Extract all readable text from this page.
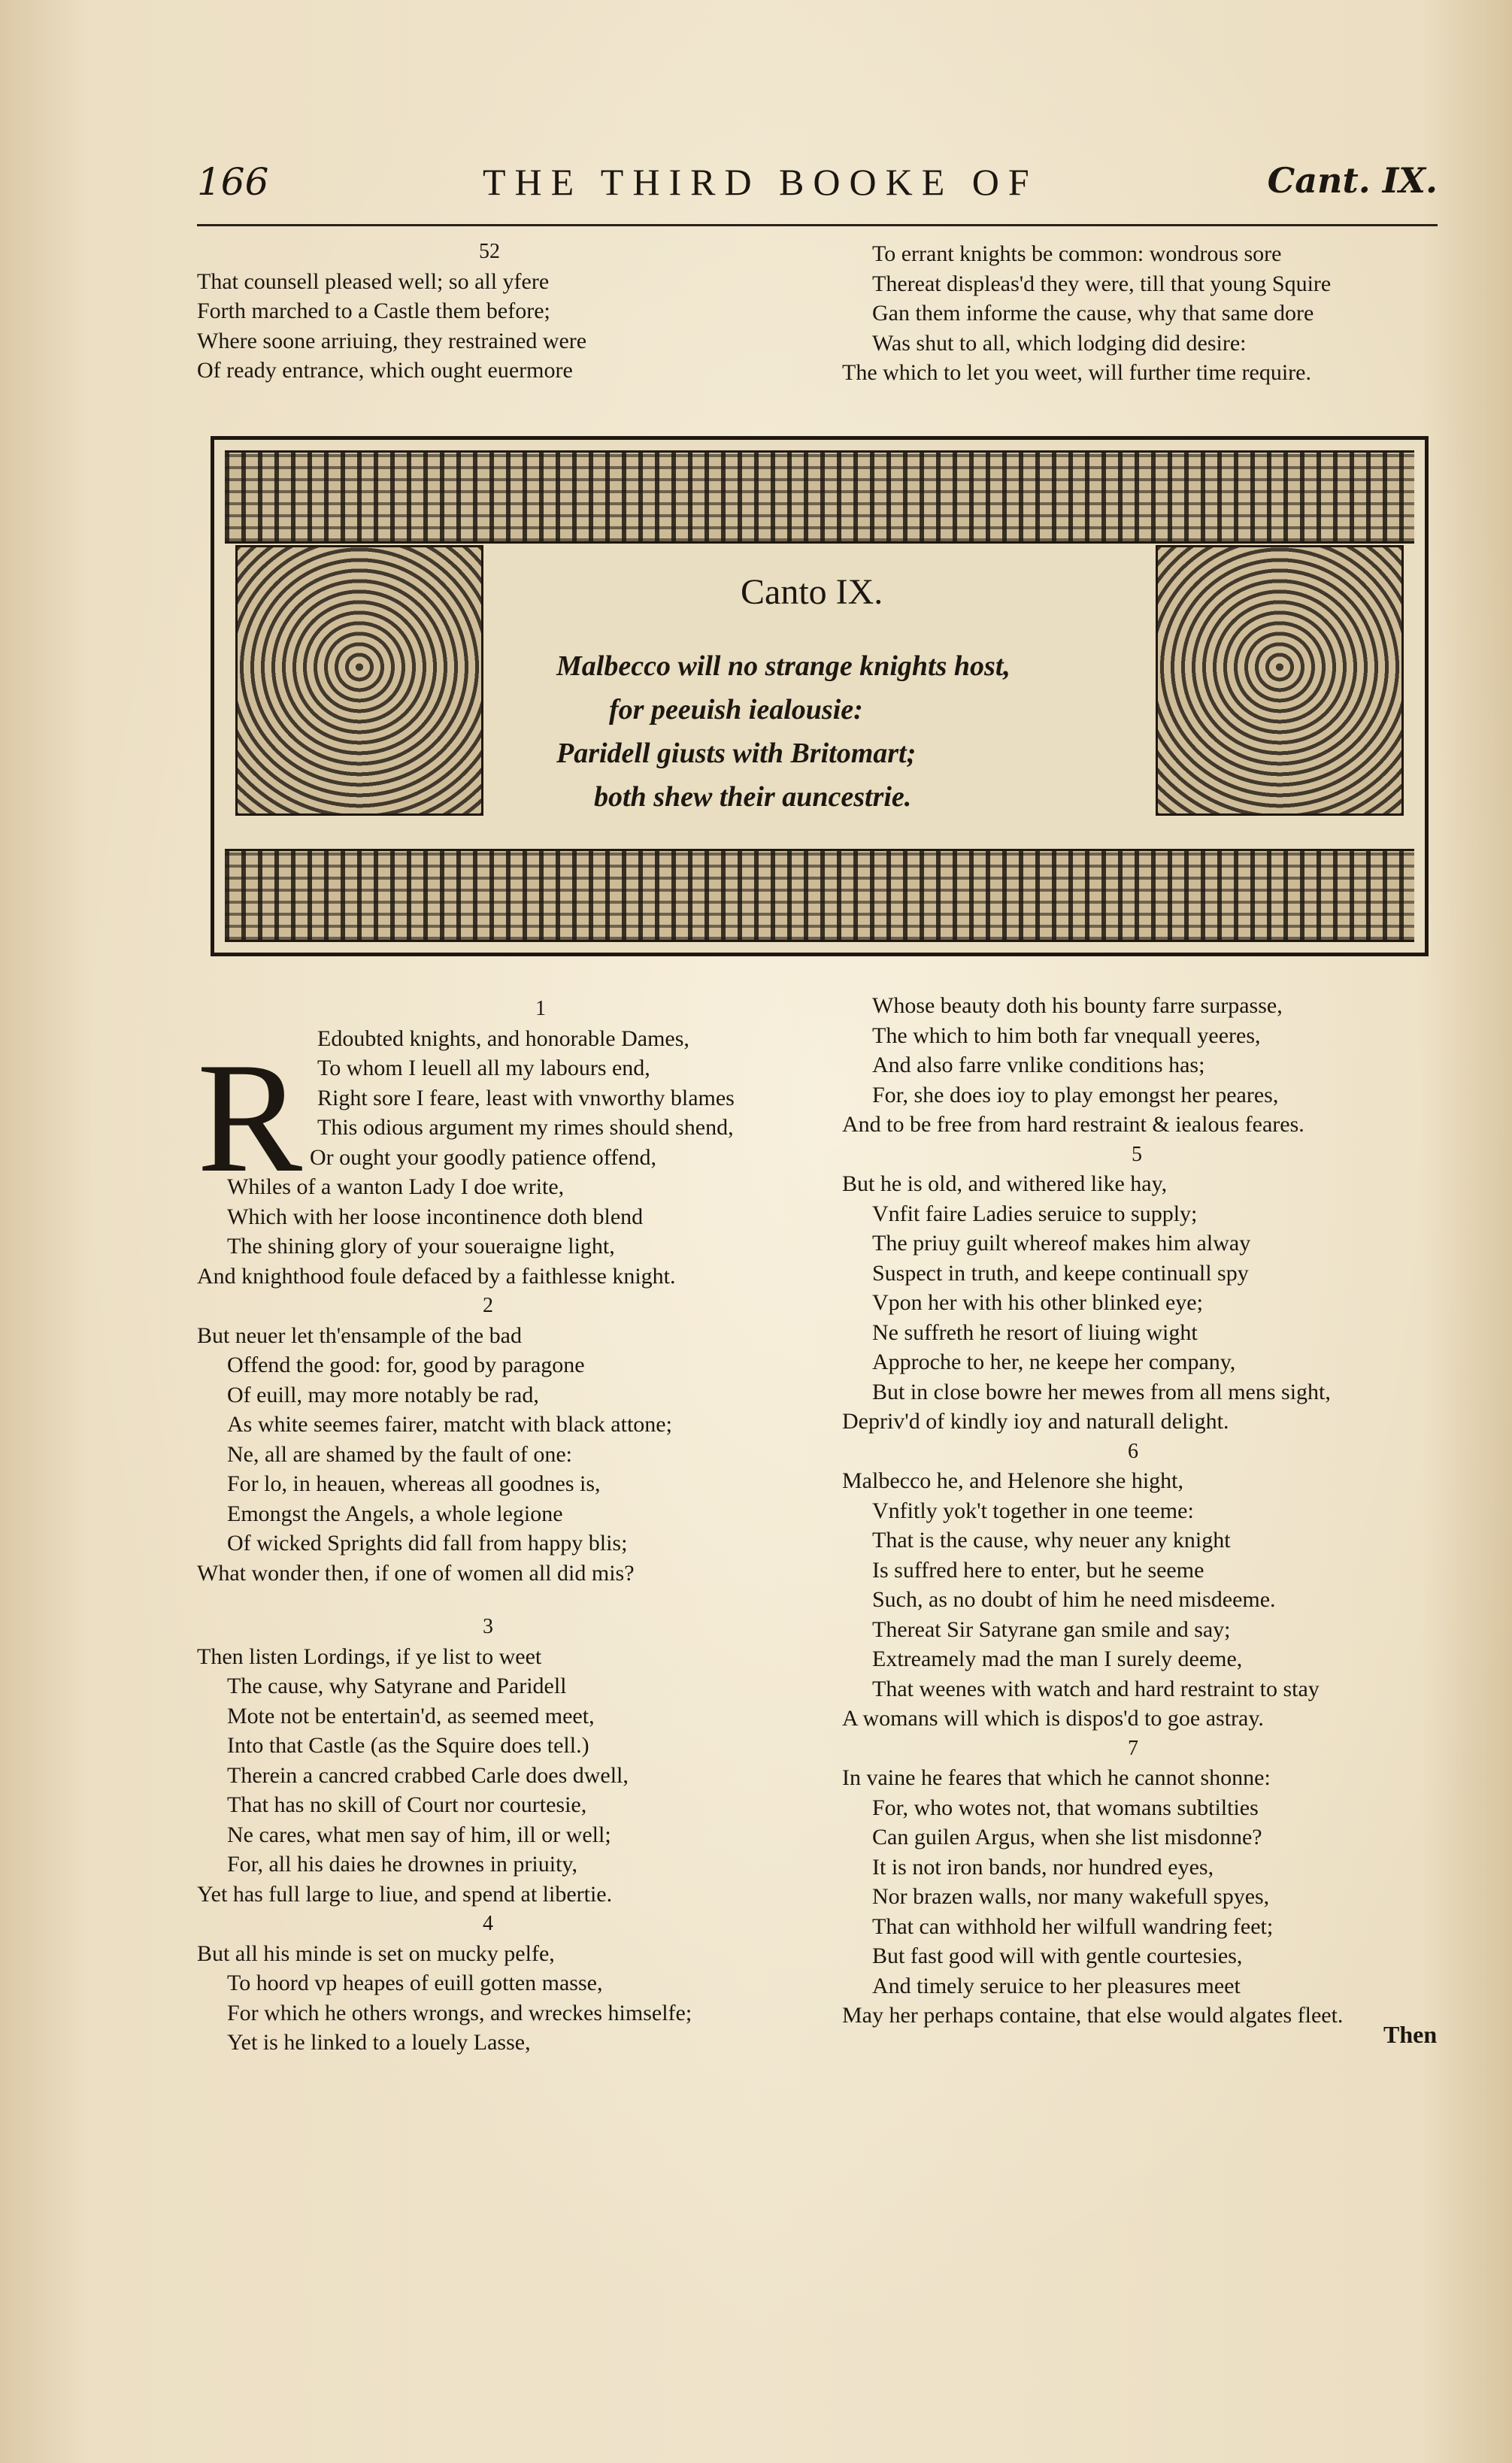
166	THE THIRD BOOKE OF	Cant. IX.
52
That counsell pleased well; so all yfere
Forth marched to a Castle them before;
Where soone arriuing, they restrained were
Of ready entrance, which ought euermore
To errant knights be common: wondrous sore
Thereat displeas'd they were, till that young Squire
Gan them informe the cause, why that same dore
Was shut to all, which lodging did desire:
The which to let you weet, will further time require.
Canto IX.
Malbecco will no strange knights host,
for peeuish iealousie:
Paridell giusts with Britomart;
both shew their auncestrie.
1
R Edoubted knights, and honorable Dames,
To whom I leuell all my labours end,
Right sore I feare, least with vnworthy blames
This odious argument my rimes should shend,
Or ought your goodly patience offend,
Whiles of a wanton Lady I doe write,
Which with her loose incontinence doth blend
The shining glory of your soueraigne light,
And knighthood foule defaced by a faithlesse knight.
2
But neuer let th'ensample of the bad
Offend the good: for, good by paragone
Of euill, may more notably be rad,
As white seemes fairer, matcht with black attone;
Ne, all are shamed by the fault of one:
For lo, in heauen, whereas all goodnes is,
Emongst the Angels, a whole legione
Of wicked Sprights did fall from happy blis;
What wonder then, if one of women all did mis?
3
Then listen Lordings, if ye list to weet
The cause, why Satyrane and Paridell
Mote not be entertain'd, as seemed meet,
Into that Castle (as the Squire does tell.)
Therein a cancred crabbed Carle does dwell,
That has no skill of Court nor courtesie,
Ne cares, what men say of him, ill or well;
For, all his daies he drownes in priuity,
Yet has full large to liue, and spend at libertie.
4
But all his minde is set on mucky pelfe,
To hoord vp heapes of euill gotten masse,
For which he others wrongs, and wreckes himselfe;
Yet is he linked to a louely Lasse,
Whose beauty doth his bounty farre surpasse,
The which to him both far vnequall yeeres,
And also farre vnlike conditions has;
For, she does ioy to play emongst her peares,
And to be free from hard restraint & iealous feares.
5
But he is old, and withered like hay,
Vnfit faire Ladies seruice to supply;
The priuy guilt whereof makes him alway
Suspect in truth, and keepe continuall spy
Vpon her with his other blinked eye;
Ne suffreth he resort of liuing wight
Approche to her, ne keepe her company,
But in close bowre her mewes from all mens sight,
Depriv'd of kindly ioy and naturall delight.
6
Malbecco he, and Helenore she hight,
Vnfitly yok't together in one teeme:
That is the cause, why neuer any knight
Is suffred here to enter, but he seeme
Such, as no doubt of him he need misdeeme.
Thereat Sir Satyrane gan smile and say;
Extreamely mad the man I surely deeme,
That weenes with watch and hard restraint to stay
A womans will which is dispos'd to goe astray.
7
In vaine he feares that which he cannot shonne:
For, who wotes not, that womans subtilties
Can guilen Argus, when she list misdonne?
It is not iron bands, nor hundred eyes,
Nor brazen walls, nor many wakefull spyes,
That can withhold her wilfull wandring feet;
But fast good will with gentle courtesies,
And timely seruice to her pleasures meet
May her perhaps containe, that else would algates fleet.
Then
